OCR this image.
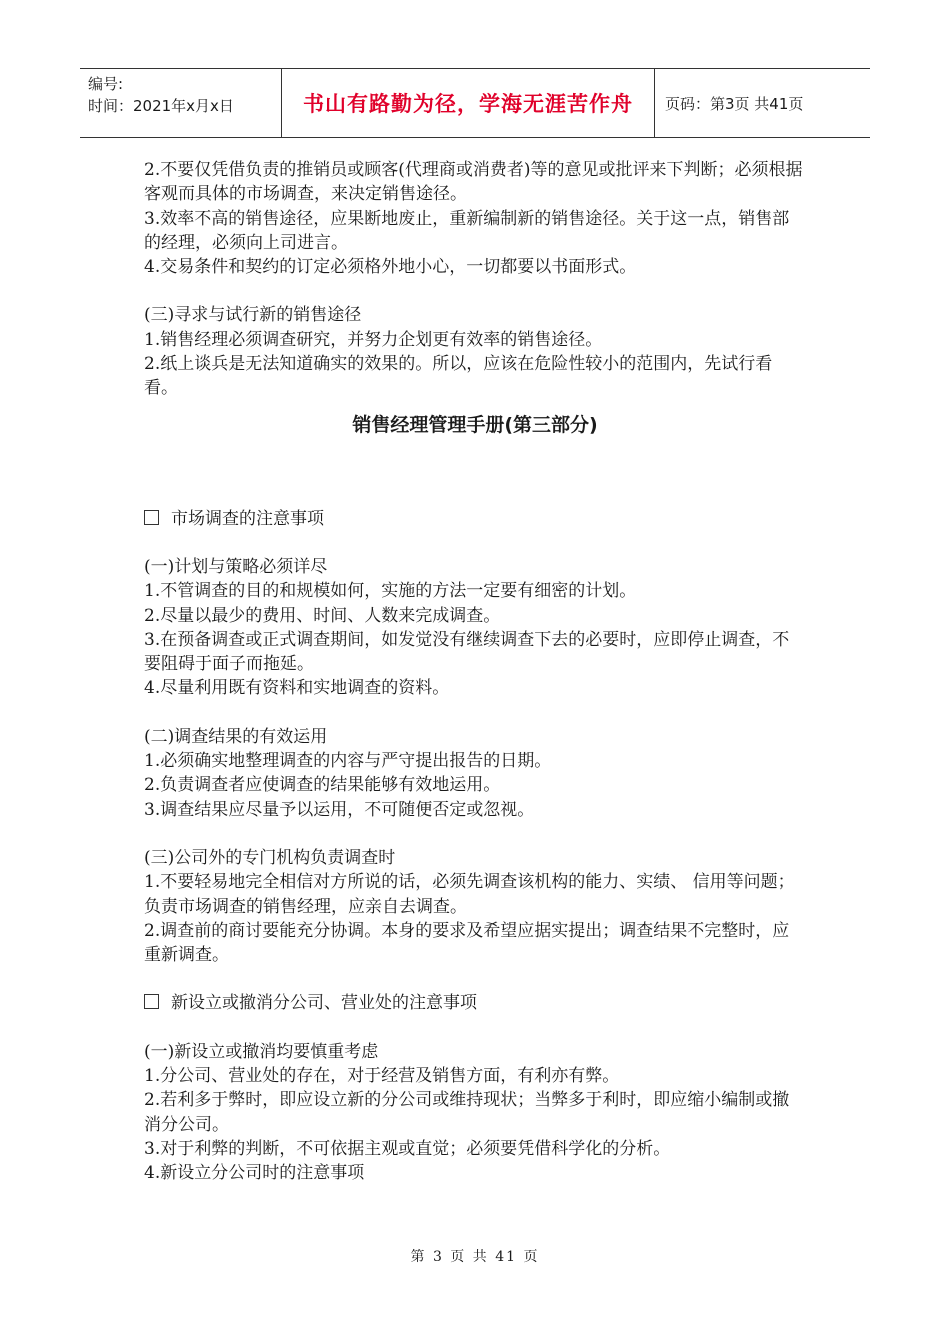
编号:
时间：2021年x月x日	书山有路勤为径，学海无涯苦作舟	页码：第3页 共41页

2.不要仅凭借负责的推销员或顾客(代理商或消费者)等的意见或批评来下判断；必须根据客观而具体的市场调查，来决定销售途径。

3.效率不高的销售途径，应果断地废止，重新编制新的销售途径。关于这一点，销售部的经理，必须向上司进言。

4.交易条件和契约的订定必须格外地小心，一切都要以书面形式。

(三)寻求与试行新的销售途径

1.销售经理必须调查研究，并努力企划更有效率的销售途径。

2.纸上谈兵是无法知道确实的效果的。所以，应该在危险性较小的范围内，先试行看看。

销售经理管理手册(第三部分)

市场调查的注意事项

(一)计划与策略必须详尽

1.不管调查的目的和规模如何，实施的方法一定要有细密的计划。

2.尽量以最少的费用、时间、人数来完成调查。

3.在预备调查或正式调查期间，如发觉没有继续调查下去的必要时，应即停止调查，不要阻碍于面子而拖延。

4.尽量利用既有资料和实地调查的资料。

(二)调查结果的有效运用

1.必须确实地整理调查的内容与严守提出报告的日期。

2.负责调查者应使调查的结果能够有效地运用。

3.调查结果应尽量予以运用，不可随便否定或忽视。

(三)公司外的专门机构负责调查时

1.不要轻易地完全相信对方所说的话，必须先调查该机构的能力、实绩、 信用等问题；负责市场调查的销售经理，应亲自去调查。

2.调查前的商讨要能充分协调。本身的要求及希望应据实提出；调查结果不完整时，应重新调查。

新设立或撤消分公司、营业处的注意事项

(一)新设立或撤消均要慎重考虑

1.分公司、营业处的存在，对于经营及销售方面，有利亦有弊。

2.若利多于弊时，即应设立新的分公司或维持现状；当弊多于利时，即应缩小编制或撤消分公司。

3.对于利弊的判断，不可依据主观或直觉；必须要凭借科学化的分析。

4.新设立分公司时的注意事项

第 3 页 共 41 页
